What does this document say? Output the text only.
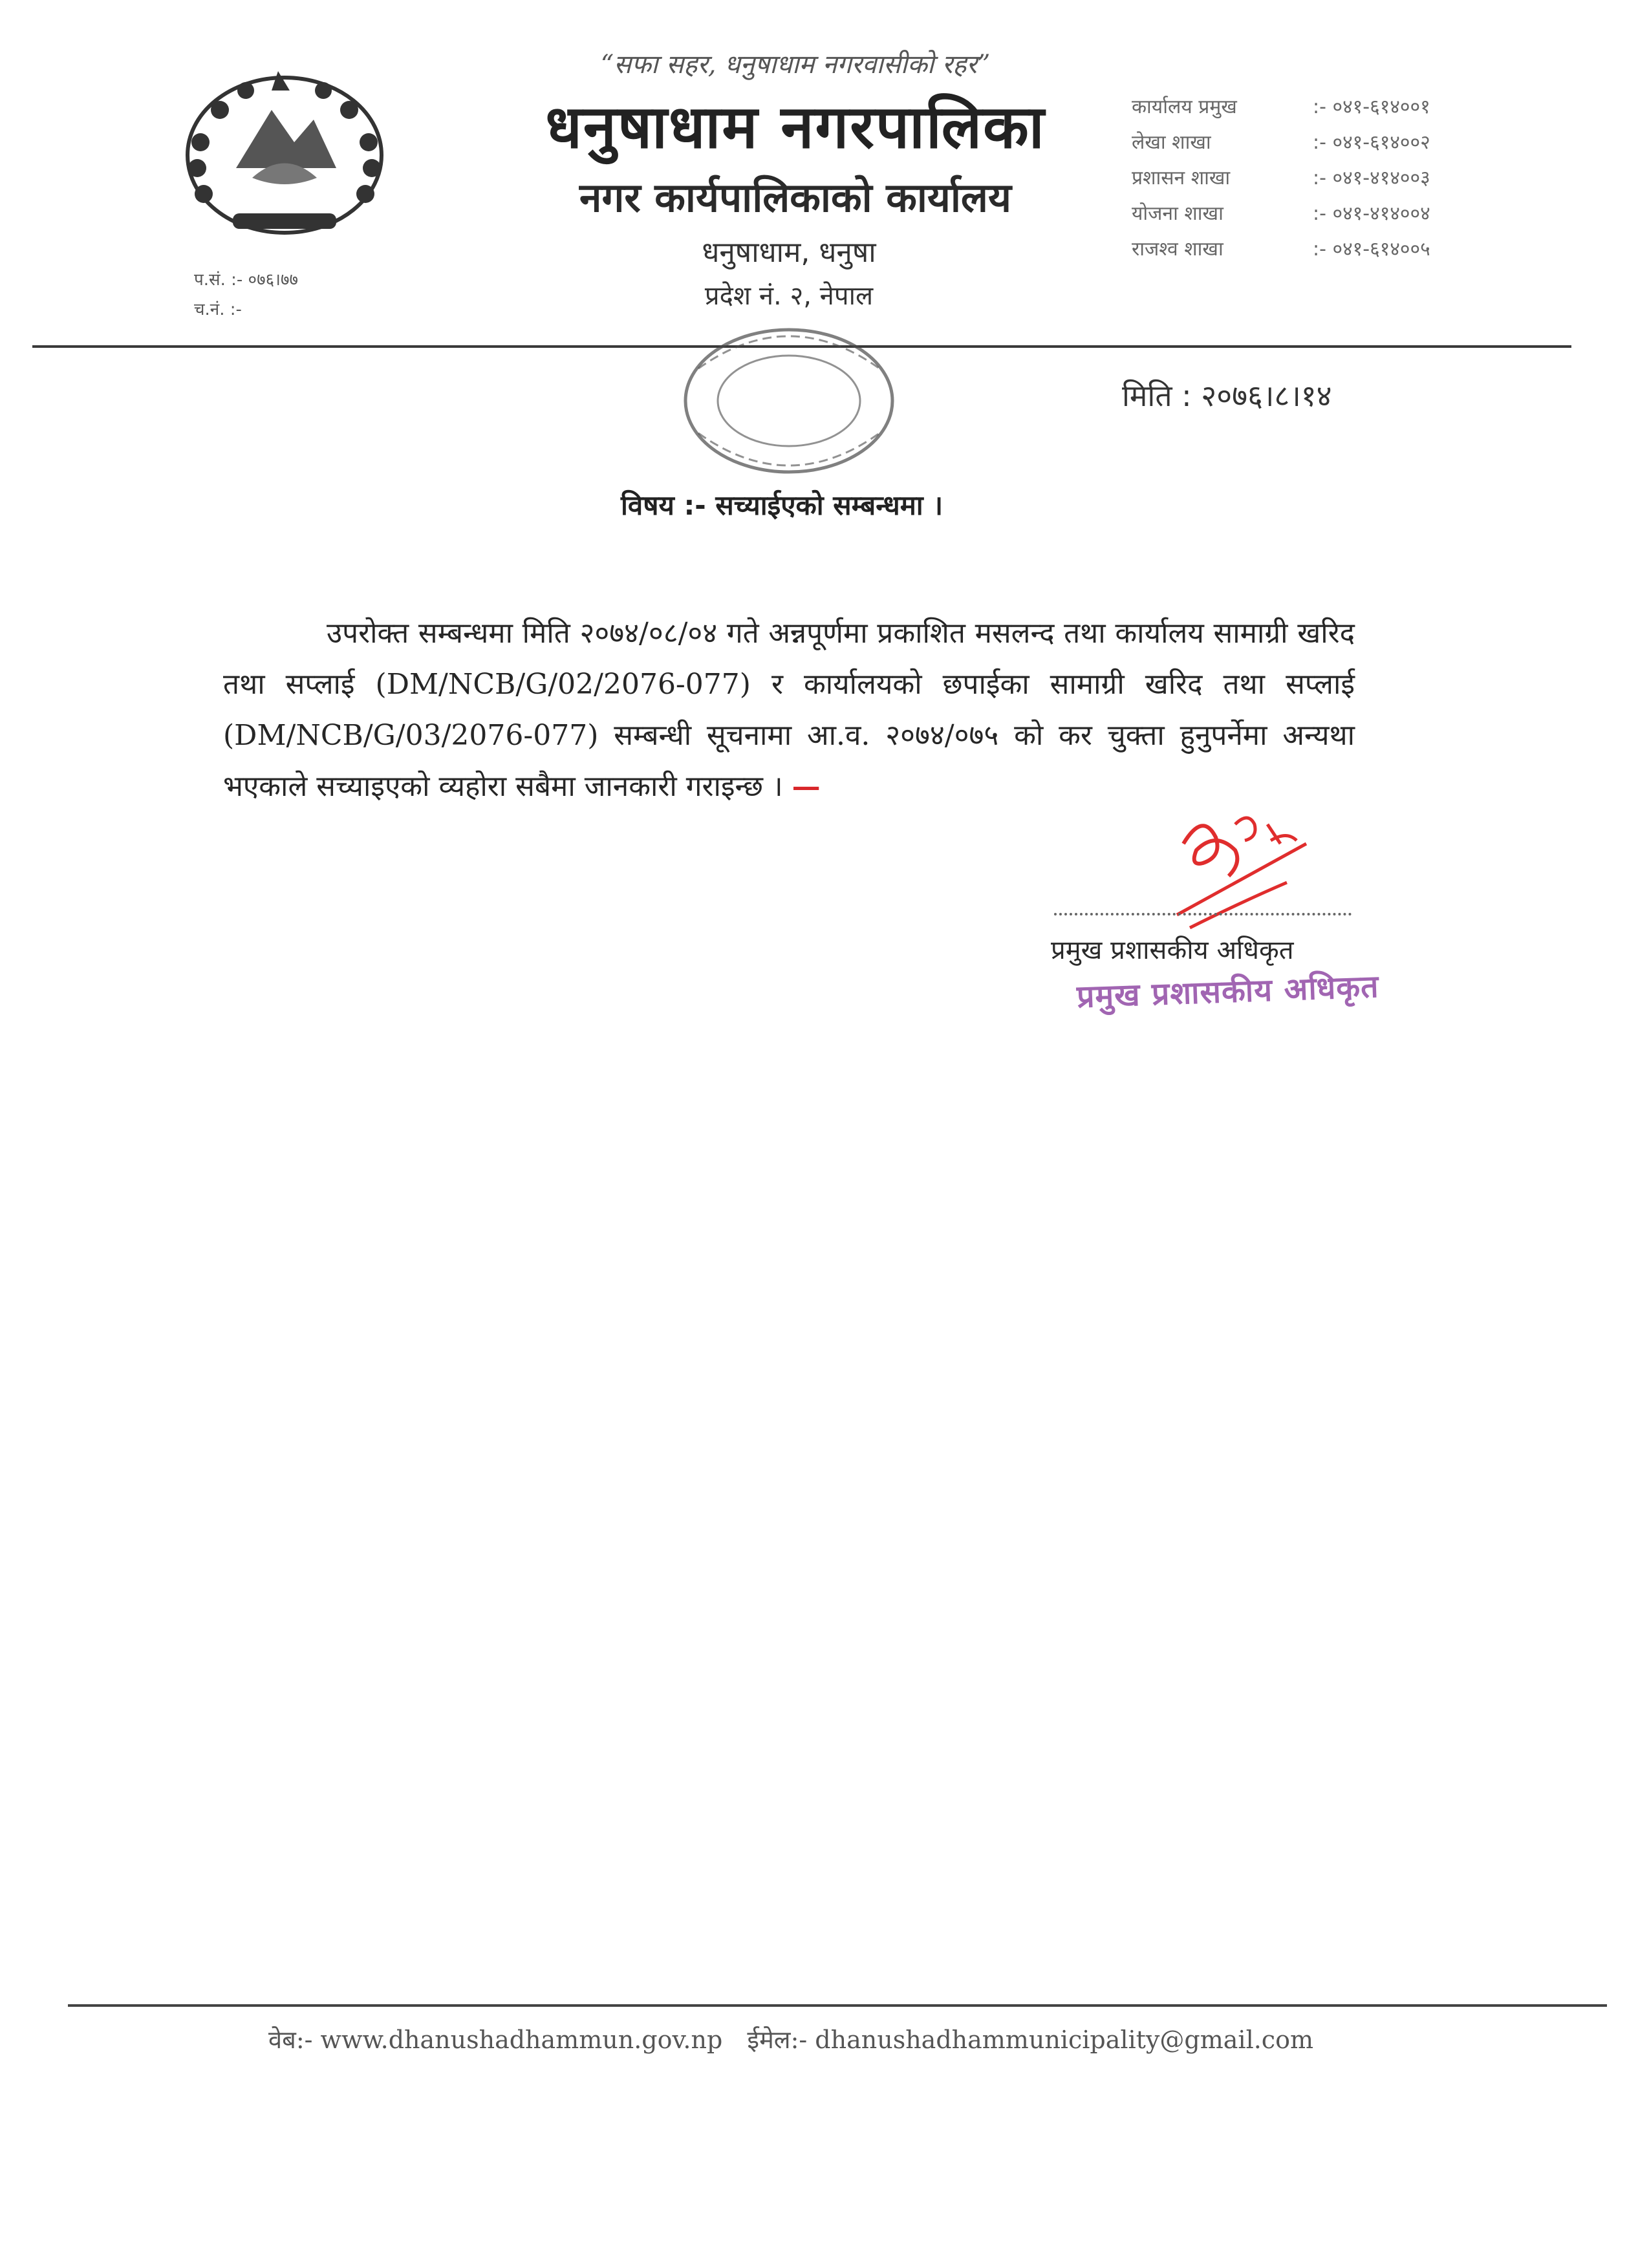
“सफा सहर, धनुषाधाम नगरवासीको रहर”
धनुषाधाम नगरपालिका
नगर कार्यपालिकाको कार्यालय
धनुषाधाम, धनुषा
प्रदेश नं. २, नेपाल
प.सं. :- ०७६।७७
च.नं. :-
कार्यालय प्रमुख	:- ०४१-६१४००१
लेखा शाखा	:- ०४१-६१४००२
प्रशासन शाखा	:- ०४१-४१४००३
योजना शाखा	:- ०४१-४१४००४
राजश्व शाखा	:- ०४१-६१४००५
मिति : २०७६।८।१४
विषय :- सच्याईएको सम्बन्धमा ।
उपरोक्त सम्बन्धमा मिति २०७४/०८/०४ गते अन्नपूर्णमा प्रकाशित मसलन्द तथा कार्यालय सामाग्री खरिद तथा सप्लाई (DM/NCB/G/02/2076-077) र कार्यालयको छपाईका सामाग्री खरिद तथा सप्लाई (DM/NCB/G/03/2076-077) सम्बन्धी सूचनामा आ.व. २०७४/०७५ को कर चुक्ता हुनुपर्नेमा अन्यथा भएकाले सच्याइएको व्यहोरा सबैमा जानकारी गराइन्छ । —
प्रमुख प्रशासकीय अधिकृत
प्रमुख प्रशासकीय अधिकृत
वेब:- www.dhanushadhammun.gov.np ईमेल:- dhanushadhammunicipality@gmail.com
